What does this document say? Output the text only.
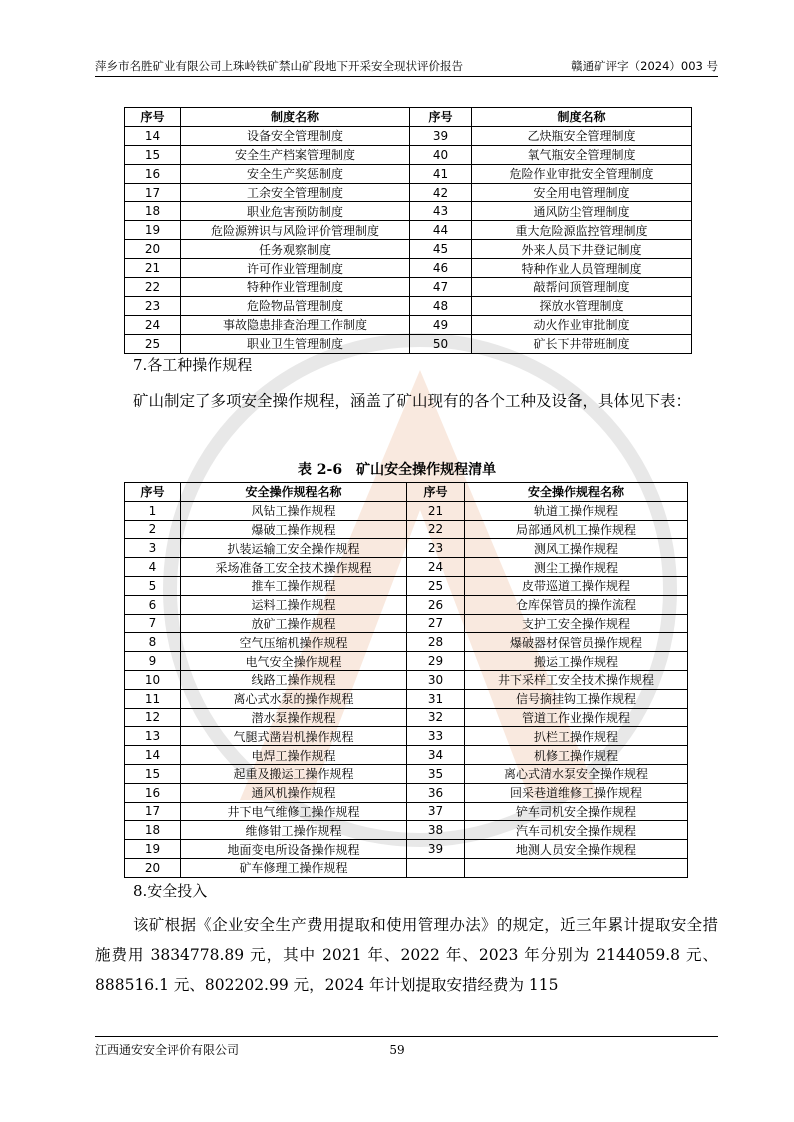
萍乡市名胜矿业有限公司上珠岭铁矿禁山矿段地下开采安全现状评价报告	赣通矿评字（2024）003 号
序号	制度名称	序号	制度名称
14	设备安全管理制度	39	乙炔瓶安全管理制度
15	安全生产档案管理制度	40	氧气瓶安全管理制度
16	安全生产奖惩制度	41	危险作业审批安全管理制度
17	工余安全管理制度	42	安全用电管理制度
18	职业危害预防制度	43	通风防尘管理制度
19	危险源辨识与风险评价管理制度	44	重大危险源监控管理制度
20	任务观察制度	45	外来人员下井登记制度
21	许可作业管理制度	46	特种作业人员管理制度
22	特种作业管理制度	47	敲帮问顶管理制度
23	危险物品管理制度	48	探放水管理制度
24	事故隐患排查治理工作制度	49	动火作业审批制度
25	职业卫生管理制度	50	矿长下井带班制度
7.各工种操作规程
矿山制定了多项安全操作规程，涵盖了矿山现有的各个工种及设备，具体见下表：
表 2-6　矿山安全操作规程清单
序号	安全操作规程名称	序号	安全操作规程名称
1	风钻工操作规程	21	轨道工操作规程
2	爆破工操作规程	22	局部通风机工操作规程
3	扒装运输工安全操作规程	23	测风工操作规程
4	采场准备工安全技术操作规程	24	测尘工操作规程
5	推车工操作规程	25	皮带巡道工操作规程
6	运料工操作规程	26	仓库保管员的操作流程
7	放矿工操作规程	27	支护工安全操作规程
8	空气压缩机操作规程	28	爆破器材保管员操作规程
9	电气安全操作规程	29	搬运工操作规程
10	线路工操作规程	30	井下采样工安全技术操作规程
11	离心式水泵的操作规程	31	信号摘挂钩工操作规程
12	潜水泵操作规程	32	管道工作业操作规程
13	气腿式凿岩机操作规程	33	扒栏工操作规程
14	电焊工操作规程	34	机修工操作规程
15	起重及搬运工操作规程	35	离心式清水泵安全操作规程
16	通风机操作规程	36	回采巷道维修工操作规程
17	井下电气维修工操作规程	37	铲车司机安全操作规程
18	维修钳工操作规程	38	汽车司机安全操作规程
19	地面变电所设备操作规程	39	地测人员安全操作规程
20	矿车修理工操作规程		
8.安全投入
该矿根据《企业安全生产费用提取和使用管理办法》的规定，近三年累计提取安全措施费用 3834778.89 元，其中 2021 年、2022 年、2023 年分别为 2144059.8 元、888516.1 元、802202.99 元，2024 年计划提取安措经费为 115
江西通安安全评价有限公司	59
